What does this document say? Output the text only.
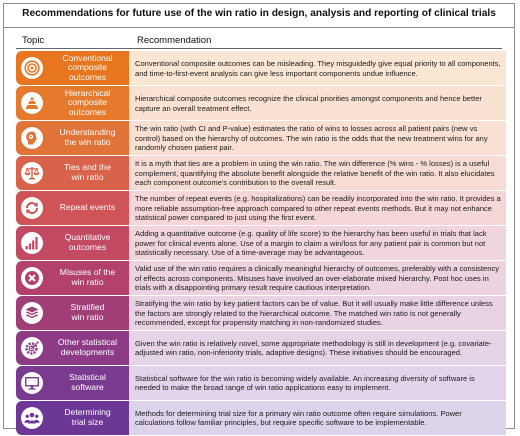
Recommendations for future use of the win ratio in design, analysis and reporting of clinical trials
Topic	Recommendation
Conventional
composite
outcomes
Conventional composite outcomes can be misleading. They misguidedly give equal priority to all components, and time-to-first-event analysis can give less important components undue influence.
Hierarchical
composite
outcomes
Hierarchical composite outcomes recognize the clinical priorities amongst components and hence better capture an overall treatment effect.
Understanding
the win ratio
The win ratio (with CI and P-value) estimates the ratio of wins to losses across all patient pairs (new vs control) based on the hierarchy of outcomes. The win ratio is the odds that the new treatment wins for any randomly chosen patient pair.
Ties and the
win ratio
It is a myth that ties are a problem in using the win ratio. The win difference (% wins - % losses) is a useful complement, quantifying the absolute benefit alongside the relative benefit of the win ratio. It also elucidates each component outcome's contribution to the overall result.
Repeat events
The number of repeat events (e.g. hospitalizations) can be readily incorporated into the win ratio. It provides a more reliable assumption-free approach compared to other repeat events methods. But it may not enhance statistical power compared to just using the first event.
Quantitative
outcomes
Adding a quantitative outcome (e.g. quality of life score) to the hierarchy has been useful in trials that lack power for clinical events alone. Use of a margin to claim a win/loss for any patient pair is common but not statistically necessary. Use of a time-average may be advantageous.
Misuses of the
win ratio
Valid use of the win ratio requires a clinically meaningful hierarchy of outcomes, preferably with a consistency of effects across components. Misuses have involved an over-elaborate mixed hierarchy. Post hoc uses in trials with a disappointing primary result require cautious interpretation.
Stratified
win ratio
Stratifying the win ratio by key patient factors can be of value. But it will usually make little difference unless the factors are strongly related to the hierarchical outcome. The matched win ratio is not generally recommended, except for propensity matching in non-randomized studies.
Other statistical
developments
Given the win ratio is relatively novel, some appropriate methodology is still in development (e.g. covariate-adjusted win ratio, non-inferiority trials, adaptive designs). These initiatives should be encouraged.
Statistical
software
Statistical software for the win ratio is becoming widely available. An increasing diversity of software is needed to make the broad range of win ratio applications easy to implement.
Determining
trial size
Methods for determining trial size for a primary win ratio outcome often require simulations. Power calculations follow familiar principles, but require specific software to be implementable.
